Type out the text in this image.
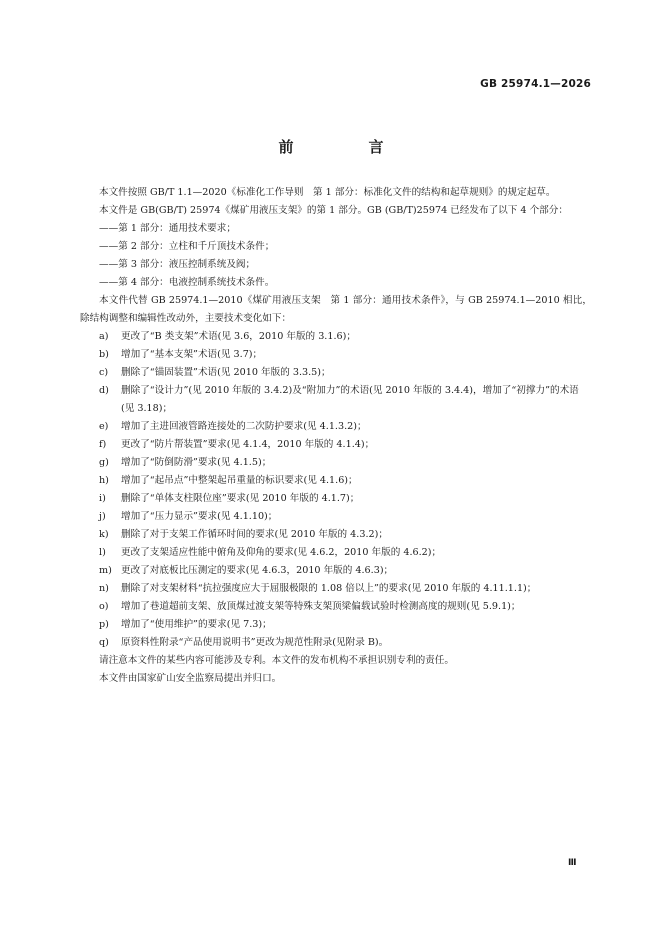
GB 25974.1—2026
前　言

本文件按照 GB/T 1.1—2020《标准化工作导则　第 1 部分：标准化文件的结构和起草规则》的规定起草。

本文件是 GB(GB/T) 25974《煤矿用液压支架》的第 1 部分。GB (GB/T)25974 已经发布了以下 4 个部分：

——第 1 部分：通用技术要求；

——第 2 部分：立柱和千斤顶技术条件；

——第 3 部分：液压控制系统及阀；

——第 4 部分：电液控制系统技术条件。

本文件代替 GB 25974.1—2010《煤矿用液压支架　第 1 部分：通用技术条件》，与 GB 25974.1—2010 相比，除结构调整和编辑性改动外，主要技术变化如下：

a) 更改了“B 类支架”术语(见 3.6，2010 年版的 3.1.6)；

b) 增加了“基本支架”术语(见 3.7)；

c) 删除了“锚固装置”术语(见 2010 年版的 3.3.5)；

d) 删除了“设计力”(见 2010 年版的 3.4.2)及“附加力”的术语(见 2010 年版的 3.4.4)，增加了“初撑力”的术语(见 3.18)；

e) 增加了主进回液管路连接处的二次防护要求(见 4.1.3.2)；

f) 更改了“防片帮装置”要求(见 4.1.4，2010 年版的 4.1.4)；

g) 增加了“防倒防滑”要求(见 4.1.5)；

h) 增加了“起吊点”中整架起吊重量的标识要求(见 4.1.6)；

i) 删除了“单体支柱限位座”要求(见 2010 年版的 4.1.7)；

j) 增加了“压力显示”要求(见 4.1.10)；

k) 删除了对于支架工作循环时间的要求(见 2010 年版的 4.3.2)；

l) 更改了支架适应性能中俯角及仰角的要求(见 4.6.2，2010 年版的 4.6.2)；

m) 更改了对底板比压测定的要求(见 4.6.3，2010 年版的 4.6.3)；

n) 删除了对支架材料“抗拉强度应大于屈服极限的 1.08 倍以上”的要求(见 2010 年版的 4.11.1.1)；

o) 增加了巷道超前支架、放顶煤过渡支架等特殊支架顶梁偏载试验时检测高度的规则(见 5.9.1)；

p) 增加了“使用维护”的要求(见 7.3)；

q) 原资料性附录“产品使用说明书”更改为规范性附录(见附录 B)。

请注意本文件的某些内容可能涉及专利。本文件的发布机构不承担识别专利的责任。

本文件由国家矿山安全监察局提出并归口。

Ⅲ
